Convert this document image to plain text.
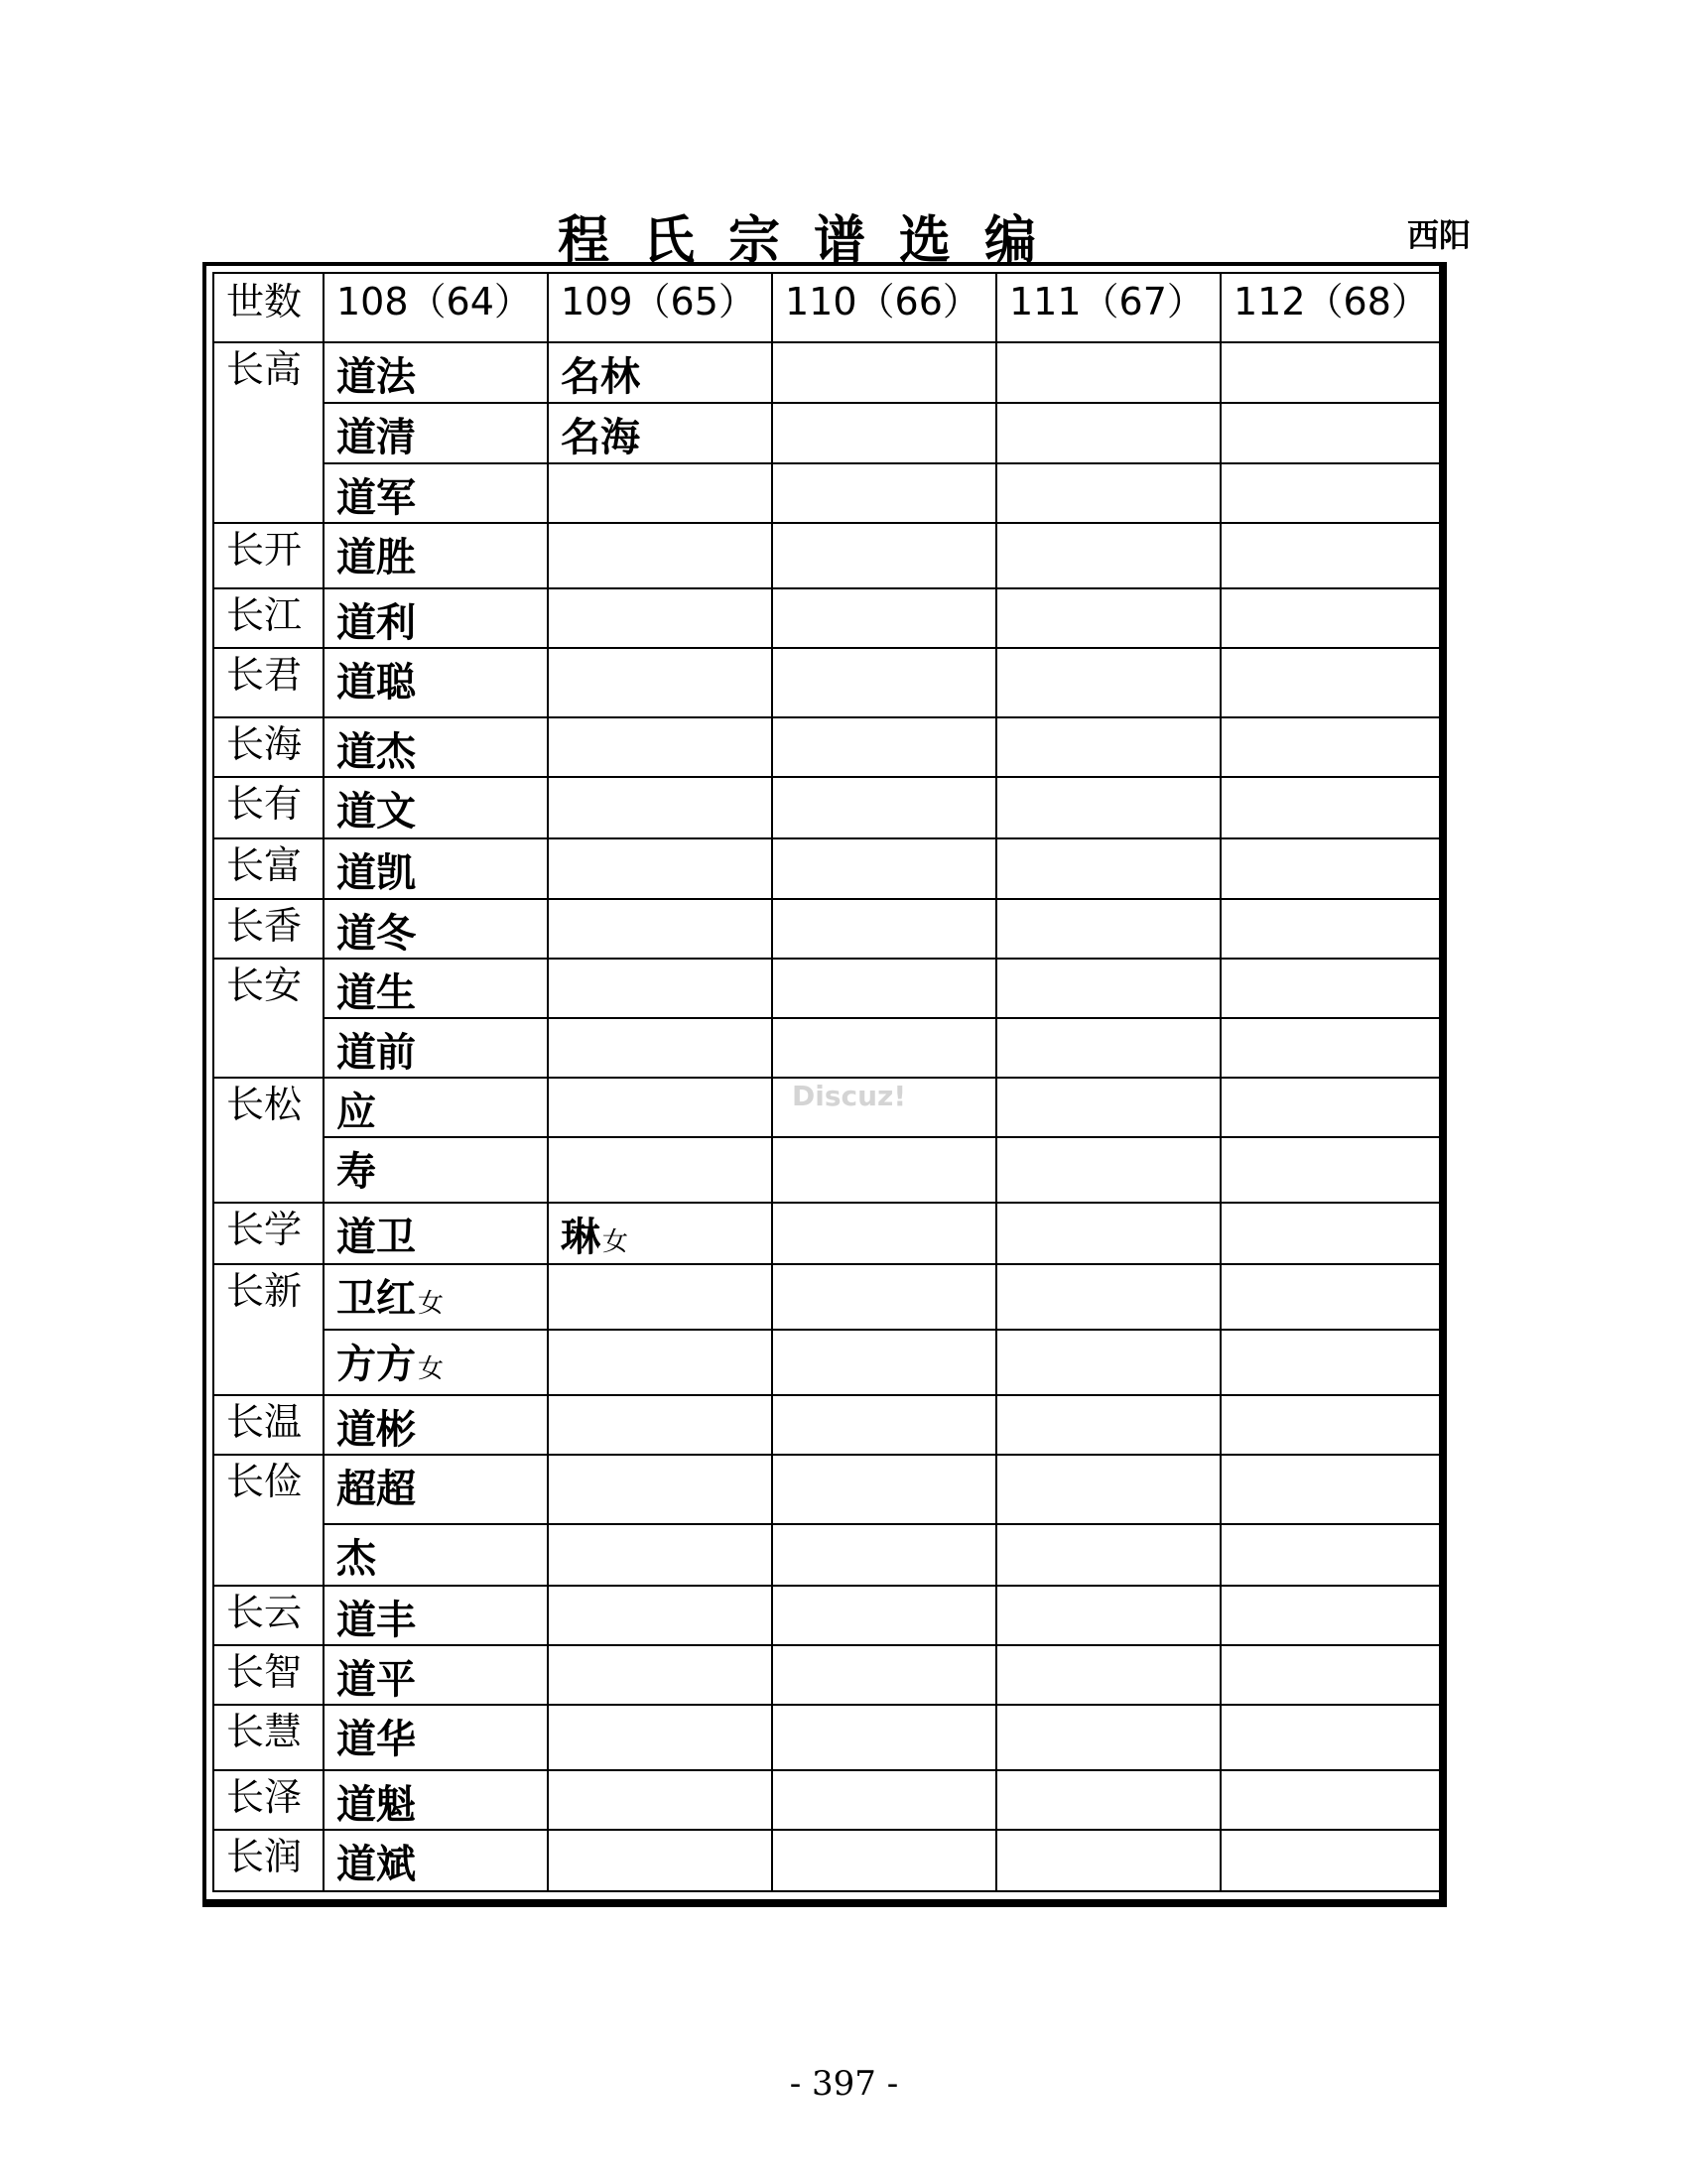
程氏宗谱选编	西阳
世数	108（64）	109（65）	110（66）	111（67）	112（68）
长高	道法	名林			
	道清	名海			
	道军				
长开	道胜				
长江	道利				
长君	道聪				
长海	道杰				
长有	道文				
长富	道凯				
长香	道冬				
长安	道生				
	道前				
长松	应				
	寿				
长学	道卫	琳女			
长新	卫红女				
	方方女				
长温	道彬				
长俭	超超				
	杰				
长云	道丰				
长智	道平				
长慧	道华				
长泽	道魁				
长润	道斌				
Discuz!
- 397 -
